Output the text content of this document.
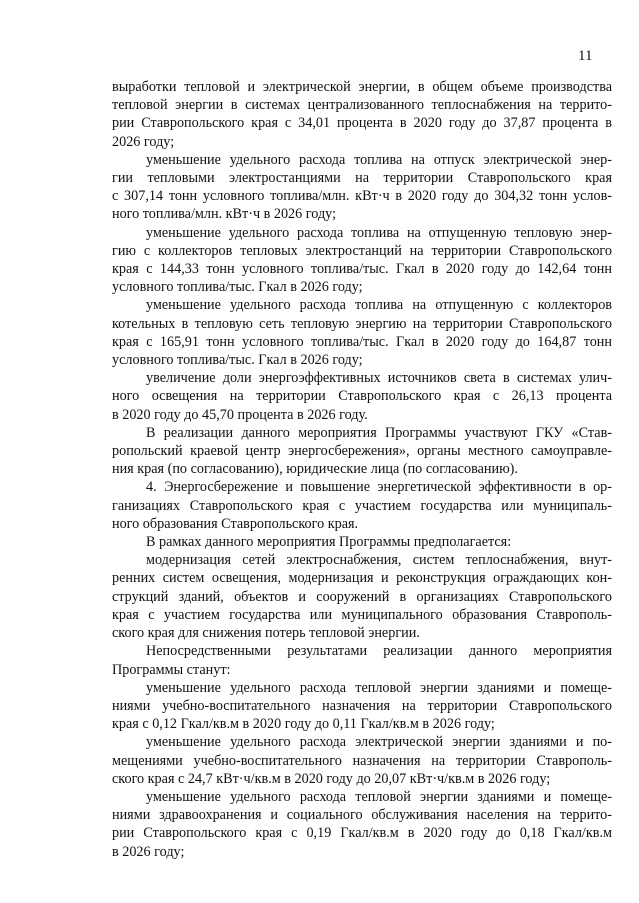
11
выработки тепловой и электрической энергии, в общем объеме производства
тепловой энергии в системах централизованного теплоснабжения на террито-
рии Ставропольского края с 34,01 процента в 2020 году до 37,87 процента в
2026 году;
уменьшение удельного расхода топлива на отпуск электрической энер-
гии тепловыми электростанциями на территории Ставропольского края
с 307,14 тонн условного топлива/млн. кВт·ч в 2020 году до 304,32 тонн услов-
ного топлива/млн. кВт·ч в 2026 году;
уменьшение удельного расхода топлива на отпущенную тепловую энер-
гию с коллекторов тепловых электростанций на территории Ставропольского
края с 144,33 тонн условного топлива/тыс. Гкал в 2020 году до 142,64 тонн
условного топлива/тыс. Гкал в 2026 году;
уменьшение удельного расхода топлива на отпущенную с коллекторов
котельных в тепловую сеть тепловую энергию на территории Ставропольского
края с 165,91 тонн условного топлива/тыс. Гкал в 2020 году до 164,87 тонн
условного топлива/тыс. Гкал в 2026 году;
увеличение доли энергоэффективных источников света в системах улич-
ного освещения на территории Ставропольского края с 26,13 процента
в 2020 году до 45,70 процента в 2026 году.
В реализации данного мероприятия Программы участвуют ГКУ «Став-
ропольский краевой центр энергосбережения», органы местного самоуправле-
ния края (по согласованию), юридические лица (по согласованию).
4. Энергосбережение и повышение энергетической эффективности в ор-
ганизациях Ставропольского края с участием государства или муниципаль-
ного образования Ставропольского края.
В рамках данного мероприятия Программы предполагается:
модернизация сетей электроснабжения, систем теплоснабжения, внут-
ренних систем освещения, модернизация и реконструкция ограждающих кон-
струкций зданий, объектов и сооружений в организациях Ставропольского
края с участием государства или муниципального образования Ставрополь-
ского края для снижения потерь тепловой энергии.
Непосредственными результатами реализации данного мероприятия
Программы станут:
уменьшение удельного расхода тепловой энергии зданиями и помеще-
ниями учебно-воспитательного назначения на территории Ставропольского
края с 0,12 Гкал/кв.м в 2020 году до 0,11 Гкал/кв.м в 2026 году;
уменьшение удельного расхода электрической энергии зданиями и по-
мещениями учебно-воспитательного назначения на территории Ставрополь-
ского края с 24,7 кВт·ч/кв.м в 2020 году до 20,07 кВт·ч/кв.м в 2026 году;
уменьшение удельного расхода тепловой энергии зданиями и помеще-
ниями здравоохранения и социального обслуживания населения на террито-
рии Ставропольского края с 0,19 Гкал/кв.м в 2020 году до 0,18 Гкал/кв.м
в 2026 году;
